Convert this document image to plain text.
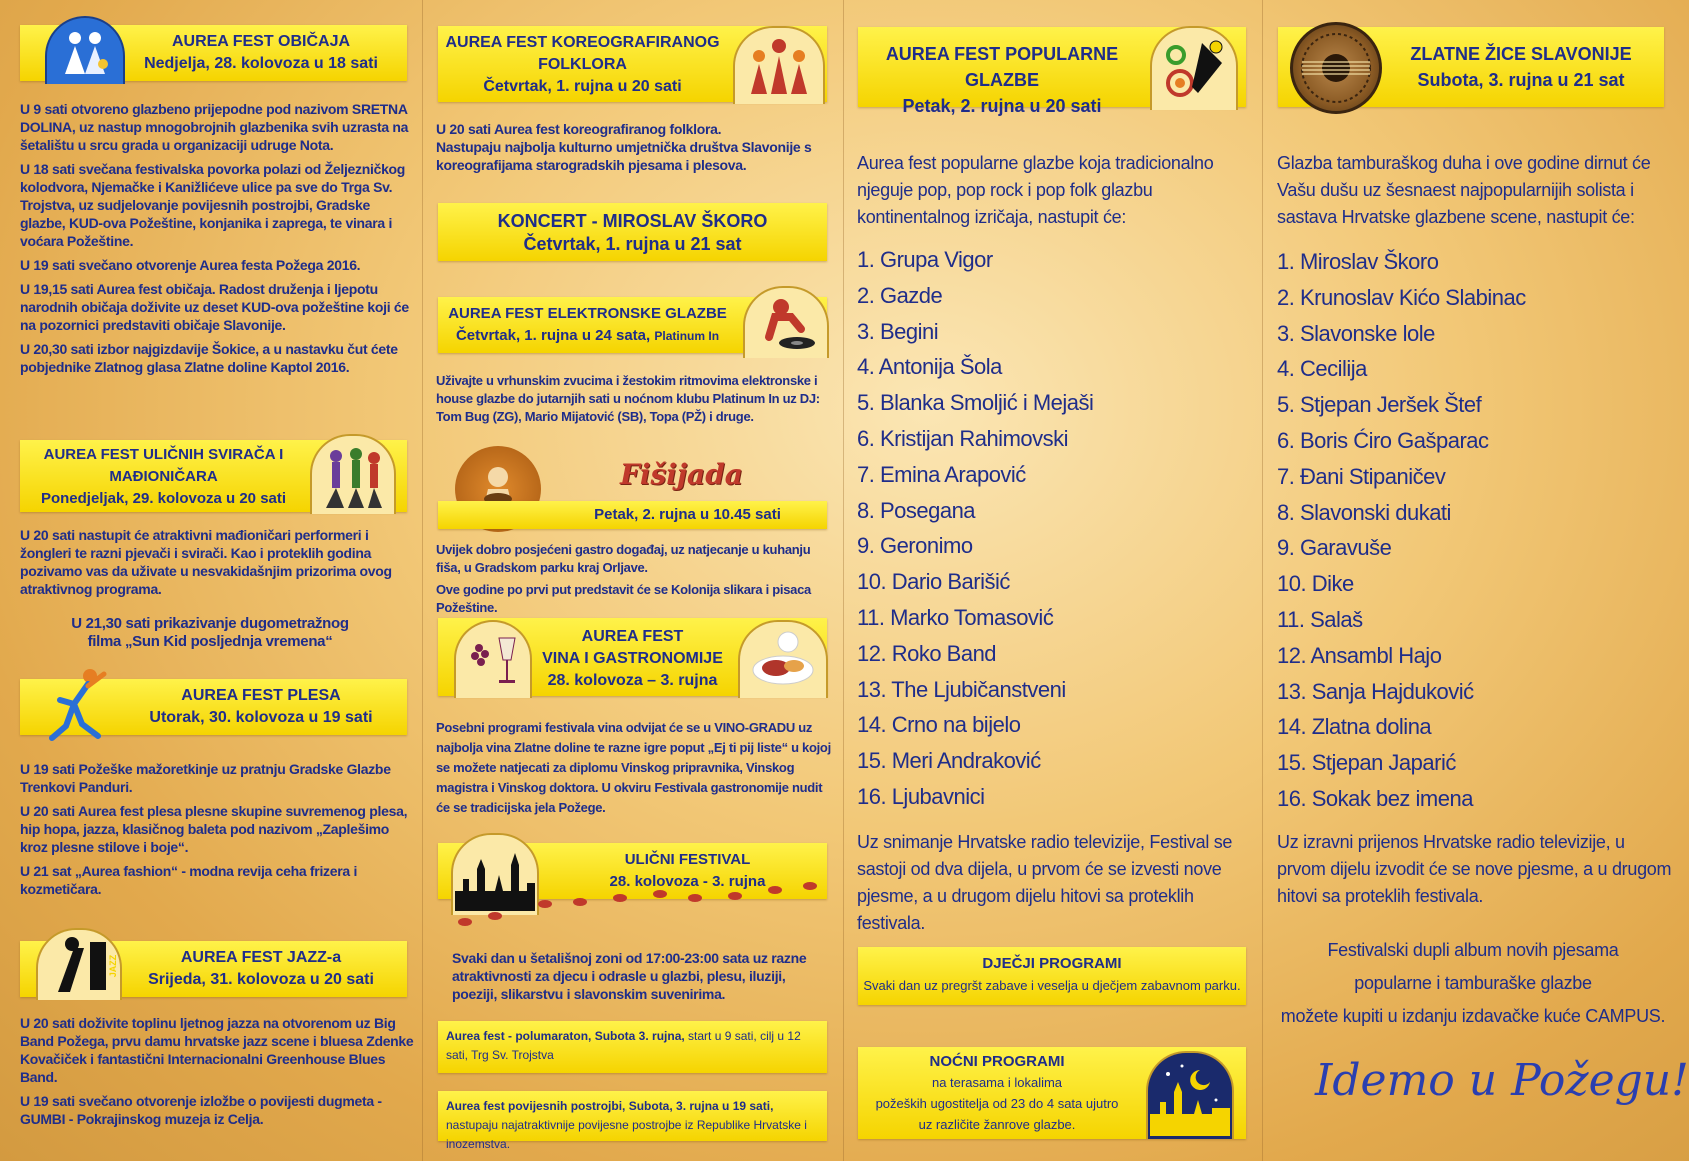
AUREA FEST OBIČAJA
Nedjelja, 28. kolovoza u 18 sati

U 9 sati otvoreno glazbeno prijepodne pod nazivom SRETNA DOLINA, uz nastup mnogobrojnih glazbenika svih uzrasta na šetalištu u srcu grada u organizaciji udruge Nota.

U 18 sati svečana festivalska povorka polazi od Željezničkog kolodvora, Njemačke i Kanižlićeve ulice pa sve do Trga Sv. Trojstva, uz sudjelovanje povijesnih postrojbi, Gradske glazbe, KUD-ova Požeštine, konjanika i zaprega, te vinara i voćara Požeštine.

U 19 sati svečano otvorenje Aurea festa Požega 2016.

U 19,15 sati Aurea fest običaja. Radost druženja i ljepotu narodnih običaja doživite uz deset KUD-ova požeštine koji će na pozornici predstaviti običaje Slavonije.

U 20,30 sati izbor najgizdavije Šokice, a u nastavku čut ćete pobjednike Zlatnog glasa Zlatne doline Kaptol 2016.

AUREA FEST ULIČNIH SVIRAČA I MAĐIONIČARA
Ponedjeljak, 29. kolovoza u 20 sati

U 20 sati nastupit će atraktivni mađioničari performeri i žongleri te razni pjevači i svirači. Kao i proteklih godina pozivamo vas da uživate u nesvakidašnjim prizorima ovog atraktivnog programa.

U 21,30 sati prikazivanje dugometražnog filma „Sun Kid posljednja vremena“
AUREA FEST PLESA
Utorak, 30. kolovoza u 19 sati

U 19 sati Požeške mažoretkinje uz pratnju Gradske Glazbe Trenkovi Panduri.

U 20 sati Aurea fest plesa plesne skupine suvremenog plesa, hip hopa, jazza, klasičnog baleta pod nazivom „Zaplešimo kroz plesne stilove i boje“.

U 21 sat „Aurea fashion“ - modna revija ceha frizera i kozmetičara.

AUREA FEST JAZZ-a
Srijeda, 31. kolovoza u 20 sati
JAZZ

U 20 sati doživite toplinu ljetnog jazza na otvorenom uz Big Band Požega, prvu damu hrvatske jazz scene i bluesa Zdenke Kovačiček i fantastični Internacionalni Greenhouse Blues Band.

U 19 sati svečano otvorenje izložbe o povijesti dugmeta - GUMBI - Pokrajinskog muzeja iz Celja.

AUREA FEST KOREOGRAFIRANOG
FOLKLORA
Četvrtak, 1. rujna u 20 sati

U 20 sati Aurea fest koreografiranog folklora.

Nastupaju najbolja kulturno umjetnička društva Slavonije s koreografijama starogradskih pjesama i plesova.

KONCERT - MIROSLAV ŠKORO
Četvrtak, 1. rujna u 21 sat
AUREA FEST ELEKTRONSKE GLAZBE
Četvrtak, 1. rujna u 24 sata, Platinum In

Uživajte u vrhunskim zvucima i žestokim ritmovima elektronske i house glazbe do jutarnjih sati u noćnom klubu Platinum In uz DJ: Tom Bug (ZG), Mario Mijatović (SB), Topa (PŽ) i druge.

Fišijada
Petak, 2. rujna u 10.45 sati

Uvijek dobro posjećeni gastro događaj, uz natjecanje u kuhanju fiša, u Gradskom parku kraj Orljave.

Ove godine po prvi put predstavit će se Kolonija slikara i pisaca Požeštine.

AUREA FEST
VINA I GASTRONOMIJE
28. kolovoza – 3. rujna

Posebni programi festivala vina odvijat će se u VINO-GRADU uz najbolja vina Zlatne doline te razne igre poput „Ej ti pij liste“ u kojoj se možete natjecati za diplomu Vinskog pripravnika, Vinskog magistra i Vinskog doktora. U okviru Festivala gastronomije nudit će se tradicijska jela Požege.

ULIČNI FESTIVAL
28. kolovoza - 3. rujna

Svaki dan u šetališnoj zoni od 17:00-23:00 sata uz razne atraktivnosti za djecu i odrasle u glazbi, plesu, iluziji, poeziji, slikarstvu i slavonskim suvenirima.

Aurea fest - polumaraton, Subota 3. rujna, start u 9 sati, cilj u 12 sati, Trg Sv. Trojstva
Aurea fest povijesnih postrojbi, Subota, 3. rujna u 19 sati, nastupaju najatraktivnije povijesne postrojbe iz Republike Hrvatske i inozemstva.
AUREA FEST POPULARNE GLAZBE
Petak, 2. rujna u 20 sati
Aurea fest popularne glazbe koja tradicionalno njeguje pop, pop rock i pop folk glazbu kontinentalnog izričaja, nastupit će:
1. Grupa Vigor
2. Gazde
3. Begini
4. Antonija Šola
5. Blanka Smoljić i Mejaši
6. Kristijan Rahimovski
7. Emina Arapović
8. Posegana
9. Geronimo
10. Dario Barišić
11. Marko Tomasović
12. Roko Band
13. The Ljubičanstveni
14. Crno na bijelo
15. Meri Andraković
16. Ljubavnici
Uz snimanje Hrvatske radio televizije, Festival se sastoji od dva dijela, u prvom će se izvesti nove pjesme, a u drugom dijelu hitovi sa proteklih festivala.
DJEČJI PROGRAMI
Svaki dan uz pregršt zabave i veselja u dječjem zabavnom parku.
NOĆNI PROGRAMI
na terasama i lokalima
požeških ugostitelja od 23 do 4 sata ujutro
uz različite žanrove glazbe.
ZLATNE ŽICE SLAVONIJE
Subota, 3. rujna u 21 sat
Glazba tamburaškog duha i ove godine dirnut će Vašu dušu uz šesnaest najpopularnijih solista i sastava Hrvatske glazbene scene, nastupit će:
1. Miroslav Škoro
2. Krunoslav Kićo Slabinac
3. Slavonske lole
4. Cecilija
5. Stjepan Jeršek Štef
6. Boris Ćiro Gašparac
7. Đani Stipaničev
8. Slavonski dukati
9. Garavuše
10. Dike
11. Salaš
12. Ansambl Hajo
13. Sanja Hajduković
14. Zlatna dolina
15. Stjepan Japarić
16. Sokak bez imena
Uz izravni prijenos Hrvatske radio televizije, u prvom dijelu izvodit će se nove pjesme, a u drugom hitovi sa proteklih festivala.
Festivalski dupli album novih pjesama
popularne i tamburaške glazbe
možete kupiti u izdanju izdavačke kuće CAMPUS.
Idemo u Požegu!
